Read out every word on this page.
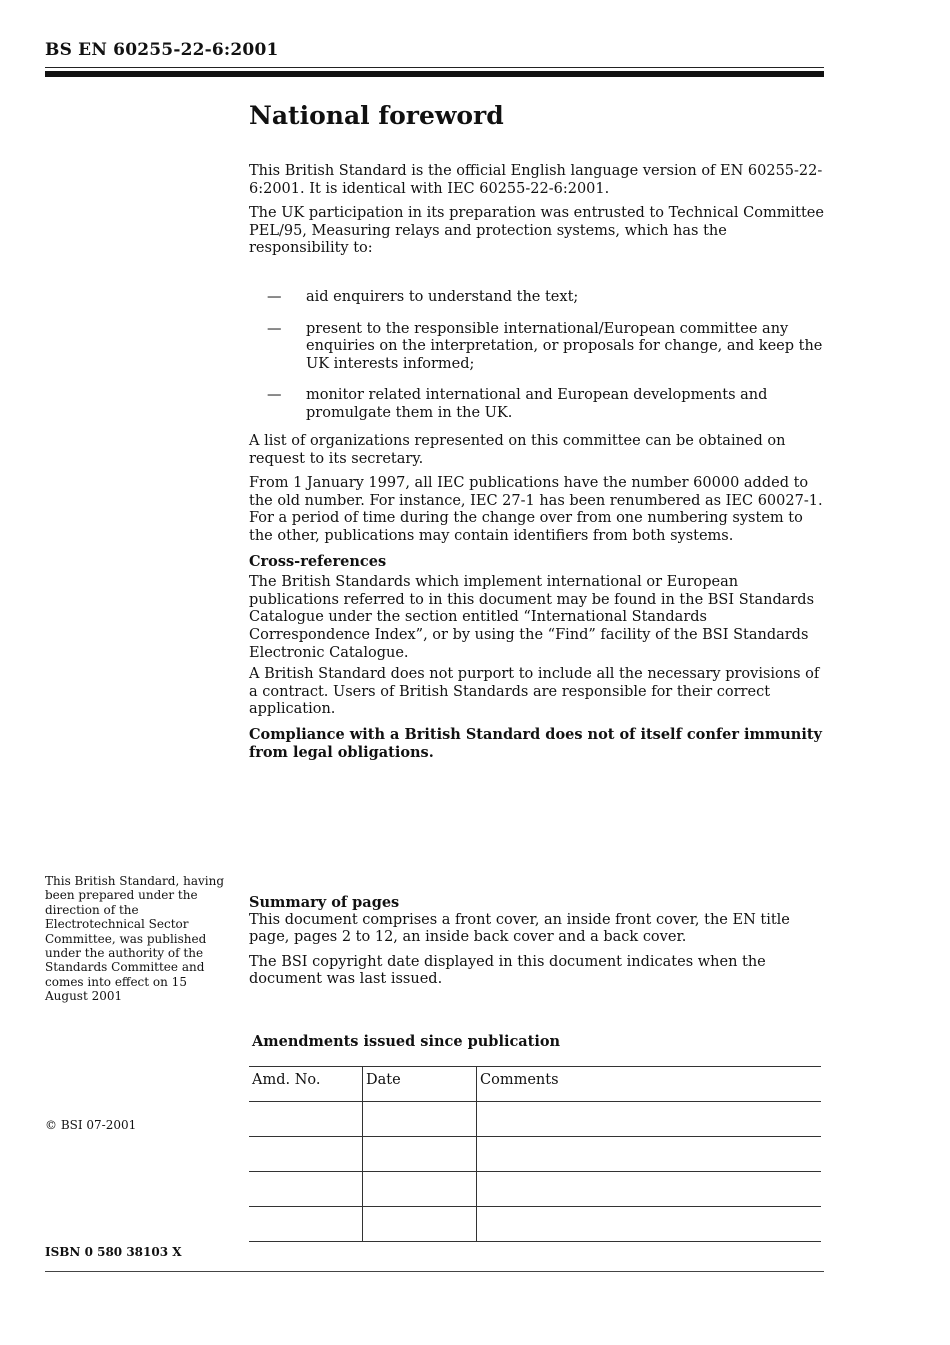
BS EN 60255-22-6:2001
National foreword

This British Standard is the official English language version of EN 60255-22-6:2001. It is identical with IEC 60255-22-6:2001.

The UK participation in its preparation was entrusted to Technical Committee PEL/95, Measuring relays and protection systems, which has the responsibility to:

— aid enquirers to understand the text;
— present to the responsible international/European committee any enquiries on the interpretation, or proposals for change, and keep the UK interests informed;
— monitor related international and European developments and promulgate them in the UK.

A list of organizations represented on this committee can be obtained on request to its secretary.

From 1 January 1997, all IEC publications have the number 60000 added to the old number. For instance, IEC 27-1 has been renumbered as IEC 60027-1. For a period of time during the change over from one numbering system to the other, publications may contain identifiers from both systems.

Cross-references

The British Standards which implement international or European publications referred to in this document may be found in the BSI Standards Catalogue under the section entitled “International Standards Correspondence Index”, or by using the “Find” facility of the BSI Standards Electronic Catalogue.

A British Standard does not purport to include all the necessary provisions of a contract. Users of British Standards are responsible for their correct application.

Compliance with a British Standard does not of itself confer immunity from legal obligations.

This British Standard, having been prepared under the direction of the Electrotechnical Sector Committee, was published under the authority of the Standards Committee and comes into effect on 15 August 2001

Summary of pages

This document comprises a front cover, an inside front cover, the EN title page, pages 2 to 12, an inside back cover and a back cover.

The BSI copyright date displayed in this document indicates when the document was last issued.

Amendments issued since publication
Amd. No.	Date	Comments

© BSI 07-2001
ISBN 0 580 38103 X
